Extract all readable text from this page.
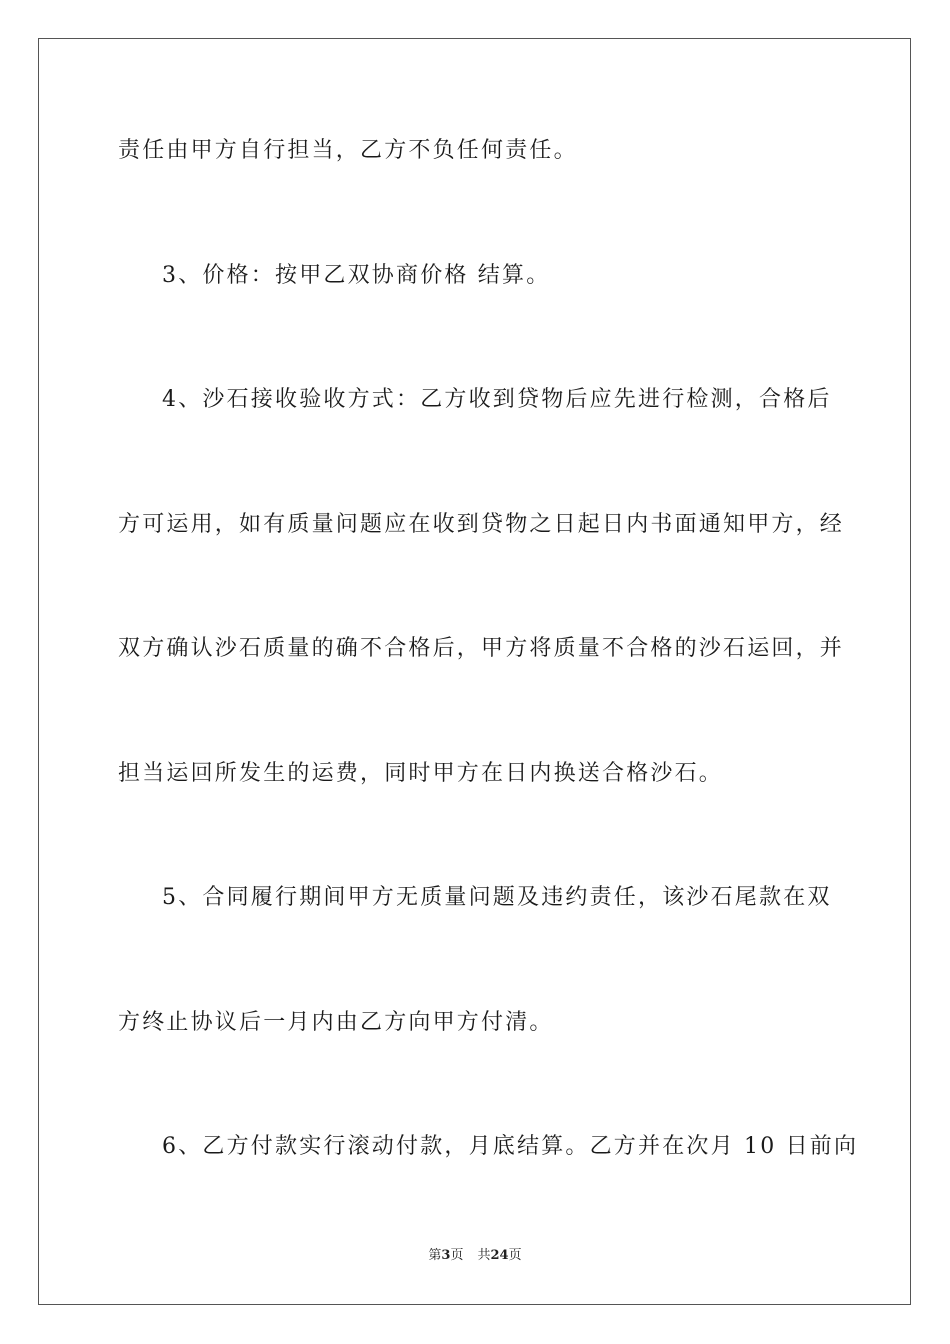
责任由甲方自行担当，乙方不负任何责任。
3、价格：按甲乙双协商价格 结算。
4、沙石接收验收方式：乙方收到贷物后应先进行检测，合格后
方可运用，如有质量问题应在收到贷物之日起日内书面通知甲方，经
双方确认沙石质量的确不合格后，甲方将质量不合格的沙石运回，并
担当运回所发生的运费，同时甲方在日内换送合格沙石。
5、合同履行期间甲方无质量问题及违约责任，该沙石尾款在双
方终止协议后一月内由乙方向甲方付清。
6、乙方付款实行滚动付款，月底结算。乙方并在次月 10 日前向
第3页 共24页
